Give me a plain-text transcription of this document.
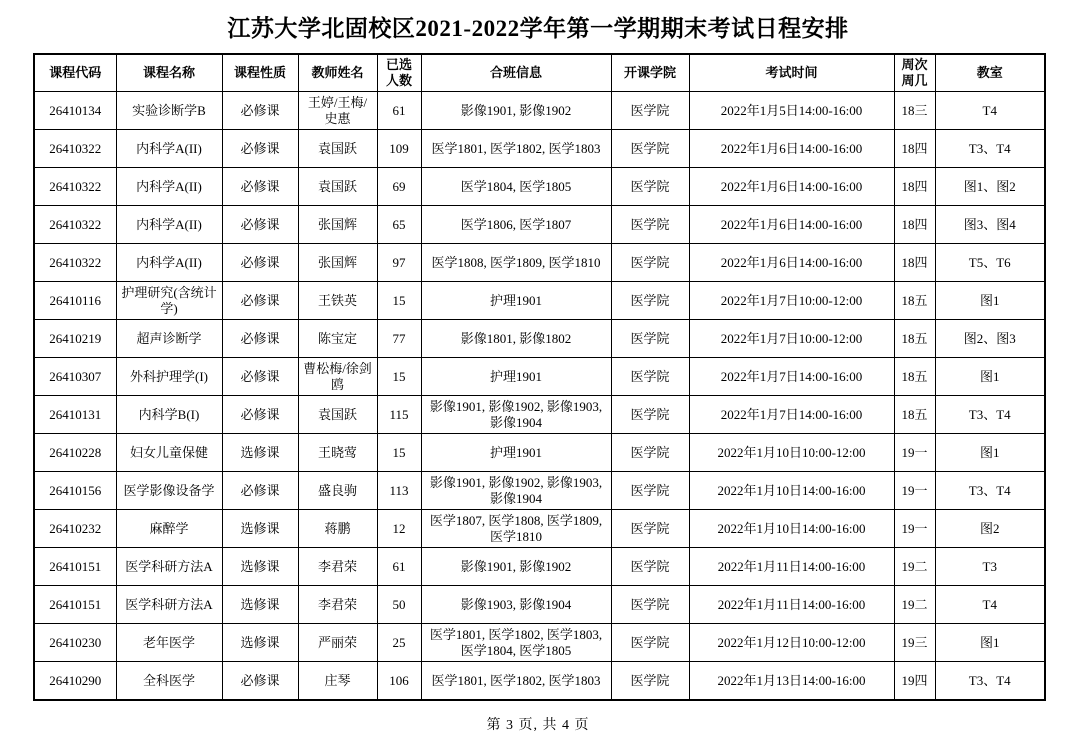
江苏大学北固校区2021-2022学年第一学期期末考试日程安排
课程代码	课程名称	课程性质	教师姓名	已选人数	合班信息	开课学院	考试时间	周次周几	教室
26410134	实验诊断学B	必修课	王婷/王梅/史惠	61	影像1901, 影像1902	医学院	2022年1月5日14:00-16:00	18三	T4
26410322	内科学A(II)	必修课	袁国跃	109	医学1801, 医学1802, 医学1803	医学院	2022年1月6日14:00-16:00	18四	T3、T4
26410322	内科学A(II)	必修课	袁国跃	69	医学1804, 医学1805	医学院	2022年1月6日14:00-16:00	18四	图1、图2
26410322	内科学A(II)	必修课	张国辉	65	医学1806, 医学1807	医学院	2022年1月6日14:00-16:00	18四	图3、图4
26410322	内科学A(II)	必修课	张国辉	97	医学1808, 医学1809, 医学1810	医学院	2022年1月6日14:00-16:00	18四	T5、T6
26410116	护理研究(含统计学)	必修课	王铁英	15	护理1901	医学院	2022年1月7日10:00-12:00	18五	图1
26410219	超声诊断学	必修课	陈宝定	77	影像1801, 影像1802	医学院	2022年1月7日10:00-12:00	18五	图2、图3
26410307	外科护理学(I)	必修课	曹松梅/徐剑鸥	15	护理1901	医学院	2022年1月7日14:00-16:00	18五	图1
26410131	内科学B(I)	必修课	袁国跃	115	影像1901, 影像1902, 影像1903, 影像1904	医学院	2022年1月7日14:00-16:00	18五	T3、T4
26410228	妇女儿童保健	选修课	王晓莺	15	护理1901	医学院	2022年1月10日10:00-12:00	19一	图1
26410156	医学影像设备学	必修课	盛良驹	113	影像1901, 影像1902, 影像1903, 影像1904	医学院	2022年1月10日14:00-16:00	19一	T3、T4
26410232	麻醉学	选修课	蒋鹏	12	医学1807, 医学1808, 医学1809, 医学1810	医学院	2022年1月10日14:00-16:00	19一	图2
26410151	医学科研方法A	选修课	李君荣	61	影像1901, 影像1902	医学院	2022年1月11日14:00-16:00	19二	T3
26410151	医学科研方法A	选修课	李君荣	50	影像1903, 影像1904	医学院	2022年1月11日14:00-16:00	19二	T4
26410230	老年医学	选修课	严丽荣	25	医学1801, 医学1802, 医学1803, 医学1804, 医学1805	医学院	2022年1月12日10:00-12:00	19三	图1
26410290	全科医学	必修课	庄琴	106	医学1801, 医学1802, 医学1803	医学院	2022年1月13日14:00-16:00	19四	T3、T4
第 3 页, 共 4 页
